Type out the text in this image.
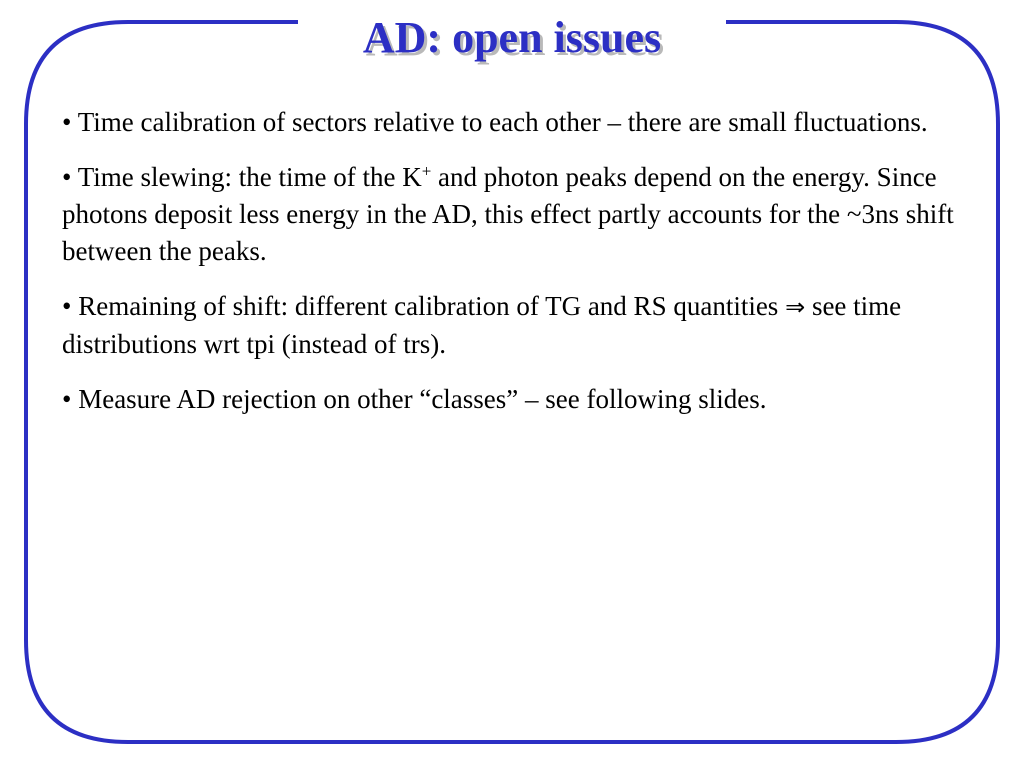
AD: open issues

• Time calibration of sectors relative to each other – there are small fluctuations.

• Time slewing: the time of the K+ and photon peaks depend on the energy. Since photons deposit less energy in the AD, this effect partly accounts for the ~3ns shift between the peaks.

• Remaining of shift: different calibration of TG and RS quantities ⇒ see time distributions wrt tpi (instead of trs).

• Measure AD rejection on other “classes” – see following slides.
